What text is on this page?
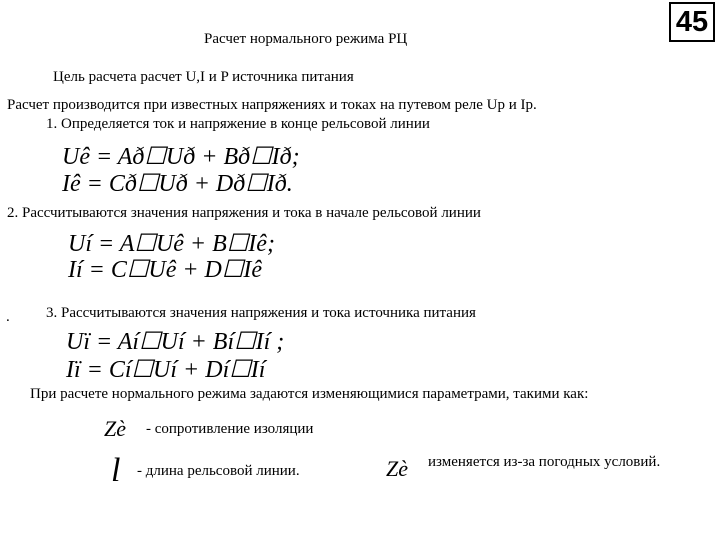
45
Расчет нормального режима РЦ
Цель расчета расчет U,I и P источника питания
Расчет производится при известных напряжениях и токах на путевом реле Uр и Iр.
1. Определяется ток и напряжение в конце рельсовой линии
Uê = Að☐Uð + Bð☐Ið;
Iê = Cð☐Uð + Dð☐Ið.
2. Рассчитываются значения напряжения и тока в начале рельсовой линии
Uí = A☐Uê + B☐Iê;
Ií = C☐Uê + D☐Iê
. 3. Рассчитываются значения напряжения и тока источника питания
Uï = Aí☐Uí + Bí☐Ií ;
Iï = Cí☐Uí + Dí☐Ií
При расчете нормального режима задаются изменяющимися параметрами, такими как:
Zè - сопротивление изоляции
l - длина рельсовой линии.	Zè изменяется из-за погодных условий.
